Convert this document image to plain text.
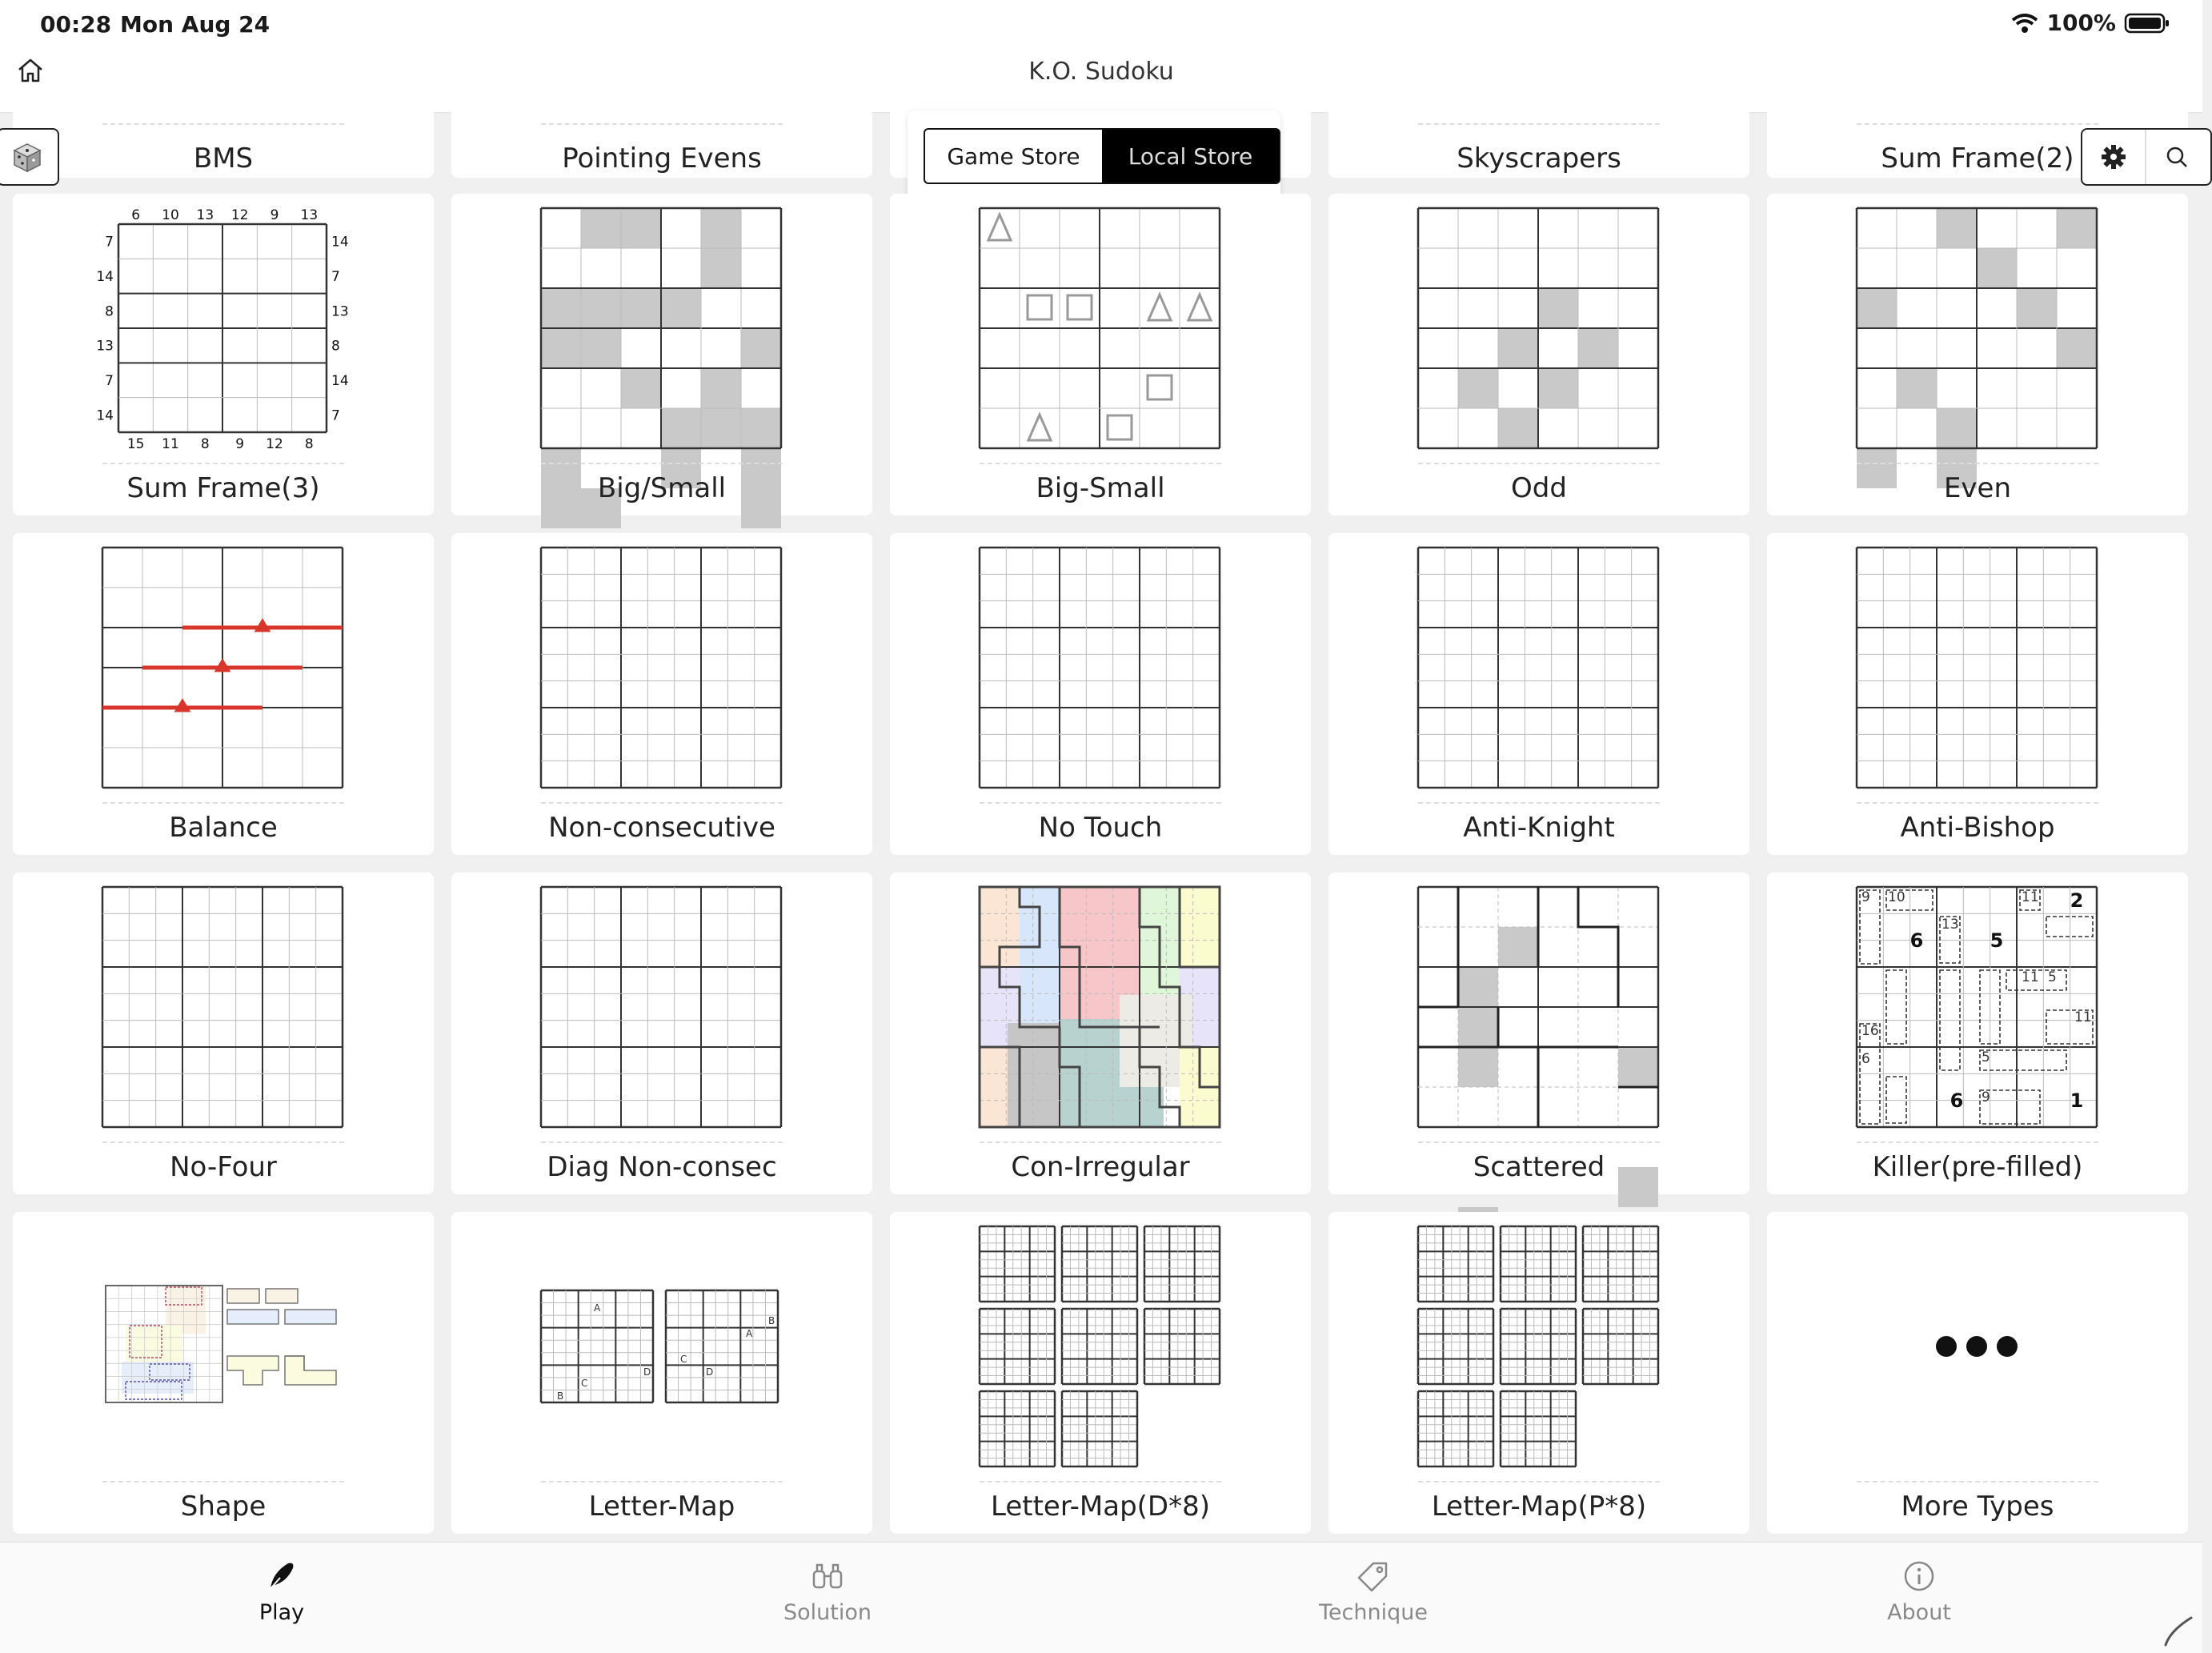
00:28 Mon Aug 24	100%
K.O. Sudoku
BMS	Pointing Evens	Skyscrapers	Sum Frame(2)
Game Store	Local Store
6 10 13 12 9 13
15 11 8 9 12 8
7
14
8
13
7
14
14
7
13
8
14
7
Sum Frame(3)	Big/Small	Big-Small	Odd	Even
Balance	Non-consecutive	No Touch	Anti-Knight	Anti-Bishop
No-Four	Diag Non-consec	Con-Irregular	Scattered
9 10	11
13
11 5
16
11
6	5
9
2
6	5
6	1
Killer(pre-filled)
Shape
A
C
D
B
B
A
C
D
Letter-Map	Letter-Map(D*8)	Letter-Map(P*8)	More Types
Play	Solution	Technique	About
